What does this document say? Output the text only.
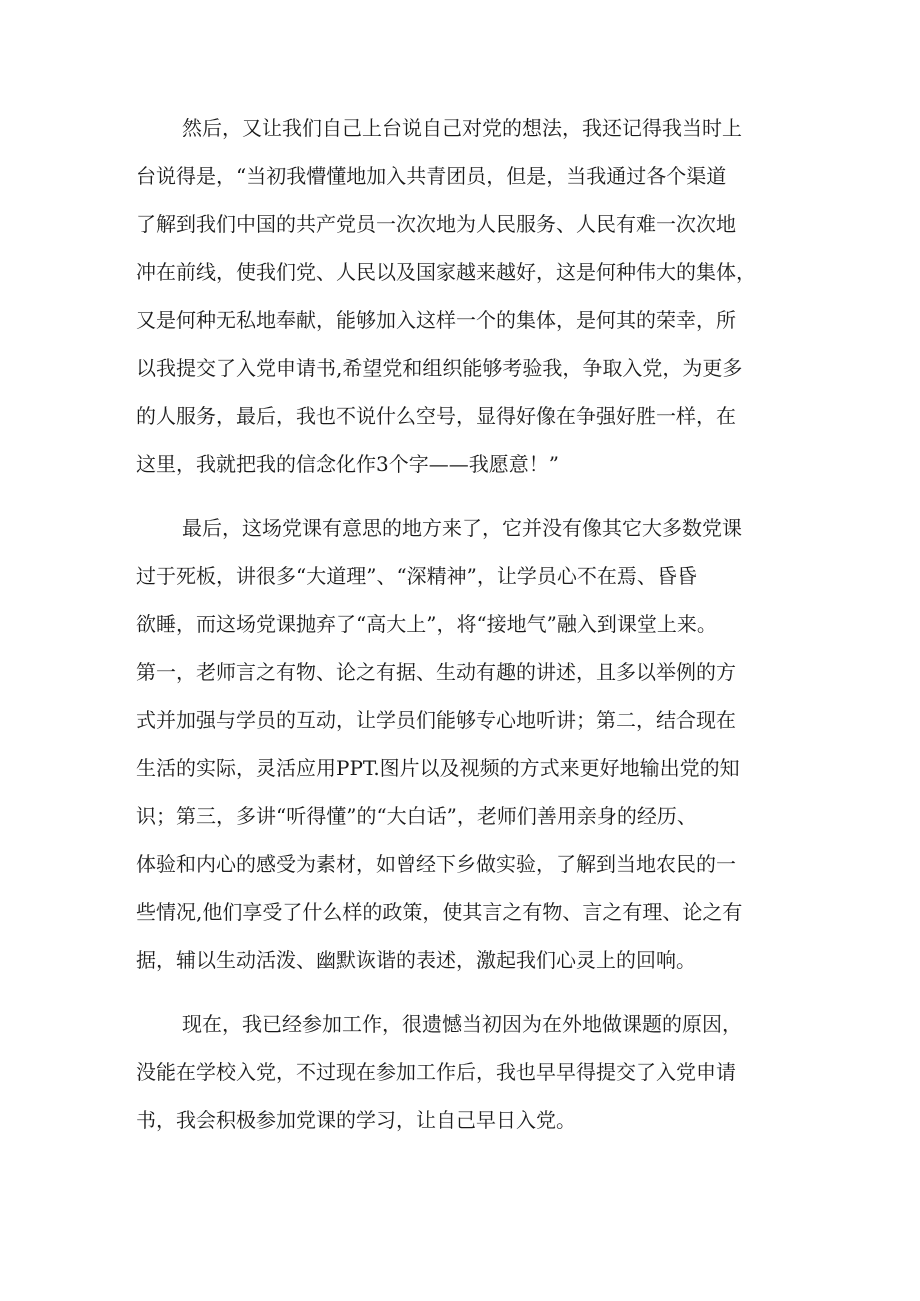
然后，又让我们自己上台说自己对党的想法，我还记得我当时上
台说得是，“当初我懵懂地加入共青团员，但是，当我通过各个渠道
了解到我们中国的共产党员一次次地为人民服务、人民有难一次次地
冲在前线，使我们党、人民以及国家越来越好，这是何种伟大的集体，
又是何种无私地奉献，能够加入这样一个的集体，是何其的荣幸，所
以我提交了入党申请书,希望党和组织能够考验我，争取入党，为更多
的人服务，最后，我也不说什么空号，显得好像在争强好胜一样，在
这里，我就把我的信念化作3个字——我愿意！”
最后，这场党课有意思的地方来了，它并没有像其它大多数党课
过于死板，讲很多“大道理”、“深精神”，让学员心不在焉、昏昏
欲睡，而这场党课抛弃了“高大上”，将“接地气”融入到课堂上来。
第一，老师言之有物、论之有据、生动有趣的讲述，且多以举例的方
式并加强与学员的互动，让学员们能够专心地听讲；第二，结合现在
生活的实际，灵活应用PPT.图片以及视频的方式来更好地输出党的知
识；第三，多讲“听得懂”的“大白话”，老师们善用亲身的经历、
体验和内心的感受为素材，如曾经下乡做实验，了解到当地农民的一
些情况,他们享受了什么样的政策，使其言之有物、言之有理、论之有
据，辅以生动活泼、幽默诙谐的表述，激起我们心灵上的回响。
现在，我已经参加工作，很遗憾当初因为在外地做课题的原因，
没能在学校入党，不过现在参加工作后，我也早早得提交了入党申请
书，我会积极参加党课的学习，让自己早日入党。
